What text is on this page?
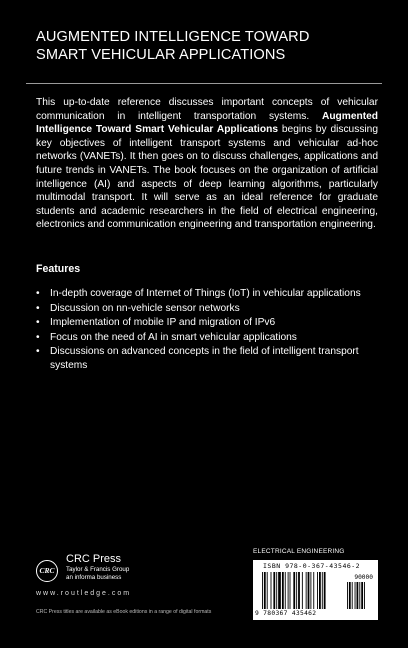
AUGMENTED INTELLIGENCE TOWARD
SMART VEHICULAR APPLICATIONS
This up-to-date reference discusses important concepts of vehicular communication in intelligent transportation systems. Augmented Intelligence Toward Smart Vehicular Applications begins by discussing key objectives of intelligent transport systems and vehicular ad-hoc networks (VANETs). It then goes on to discuss challenges, applications and future trends in VANETs. The book focuses on the organization of artificial intelligence (AI) and aspects of deep learning algorithms, particularly multimodal transport. It will serve as an ideal reference for graduate students and academic researchers in the field of electrical engineering, electronics and communication engineering and transportation engineering.
Features
• In-depth coverage of Internet of Things (IoT) in vehicular applications
• Discussion on nn-vehicle sensor networks
• Implementation of mobile IP and migration of IPv6
• Focus on the need of AI in smart vehicular applications
• Discussions on advanced concepts in the field of intelligent transport systems
CRC
CRC Press
Taylor & Francis Group
an informa business
www.routledge.com
CRC Press titles are available as eBook editions in a range of digital formats
ELECTRICAL ENGINEERING
ISBN 978-0-367-43546-2
90000
9 780367 435462
